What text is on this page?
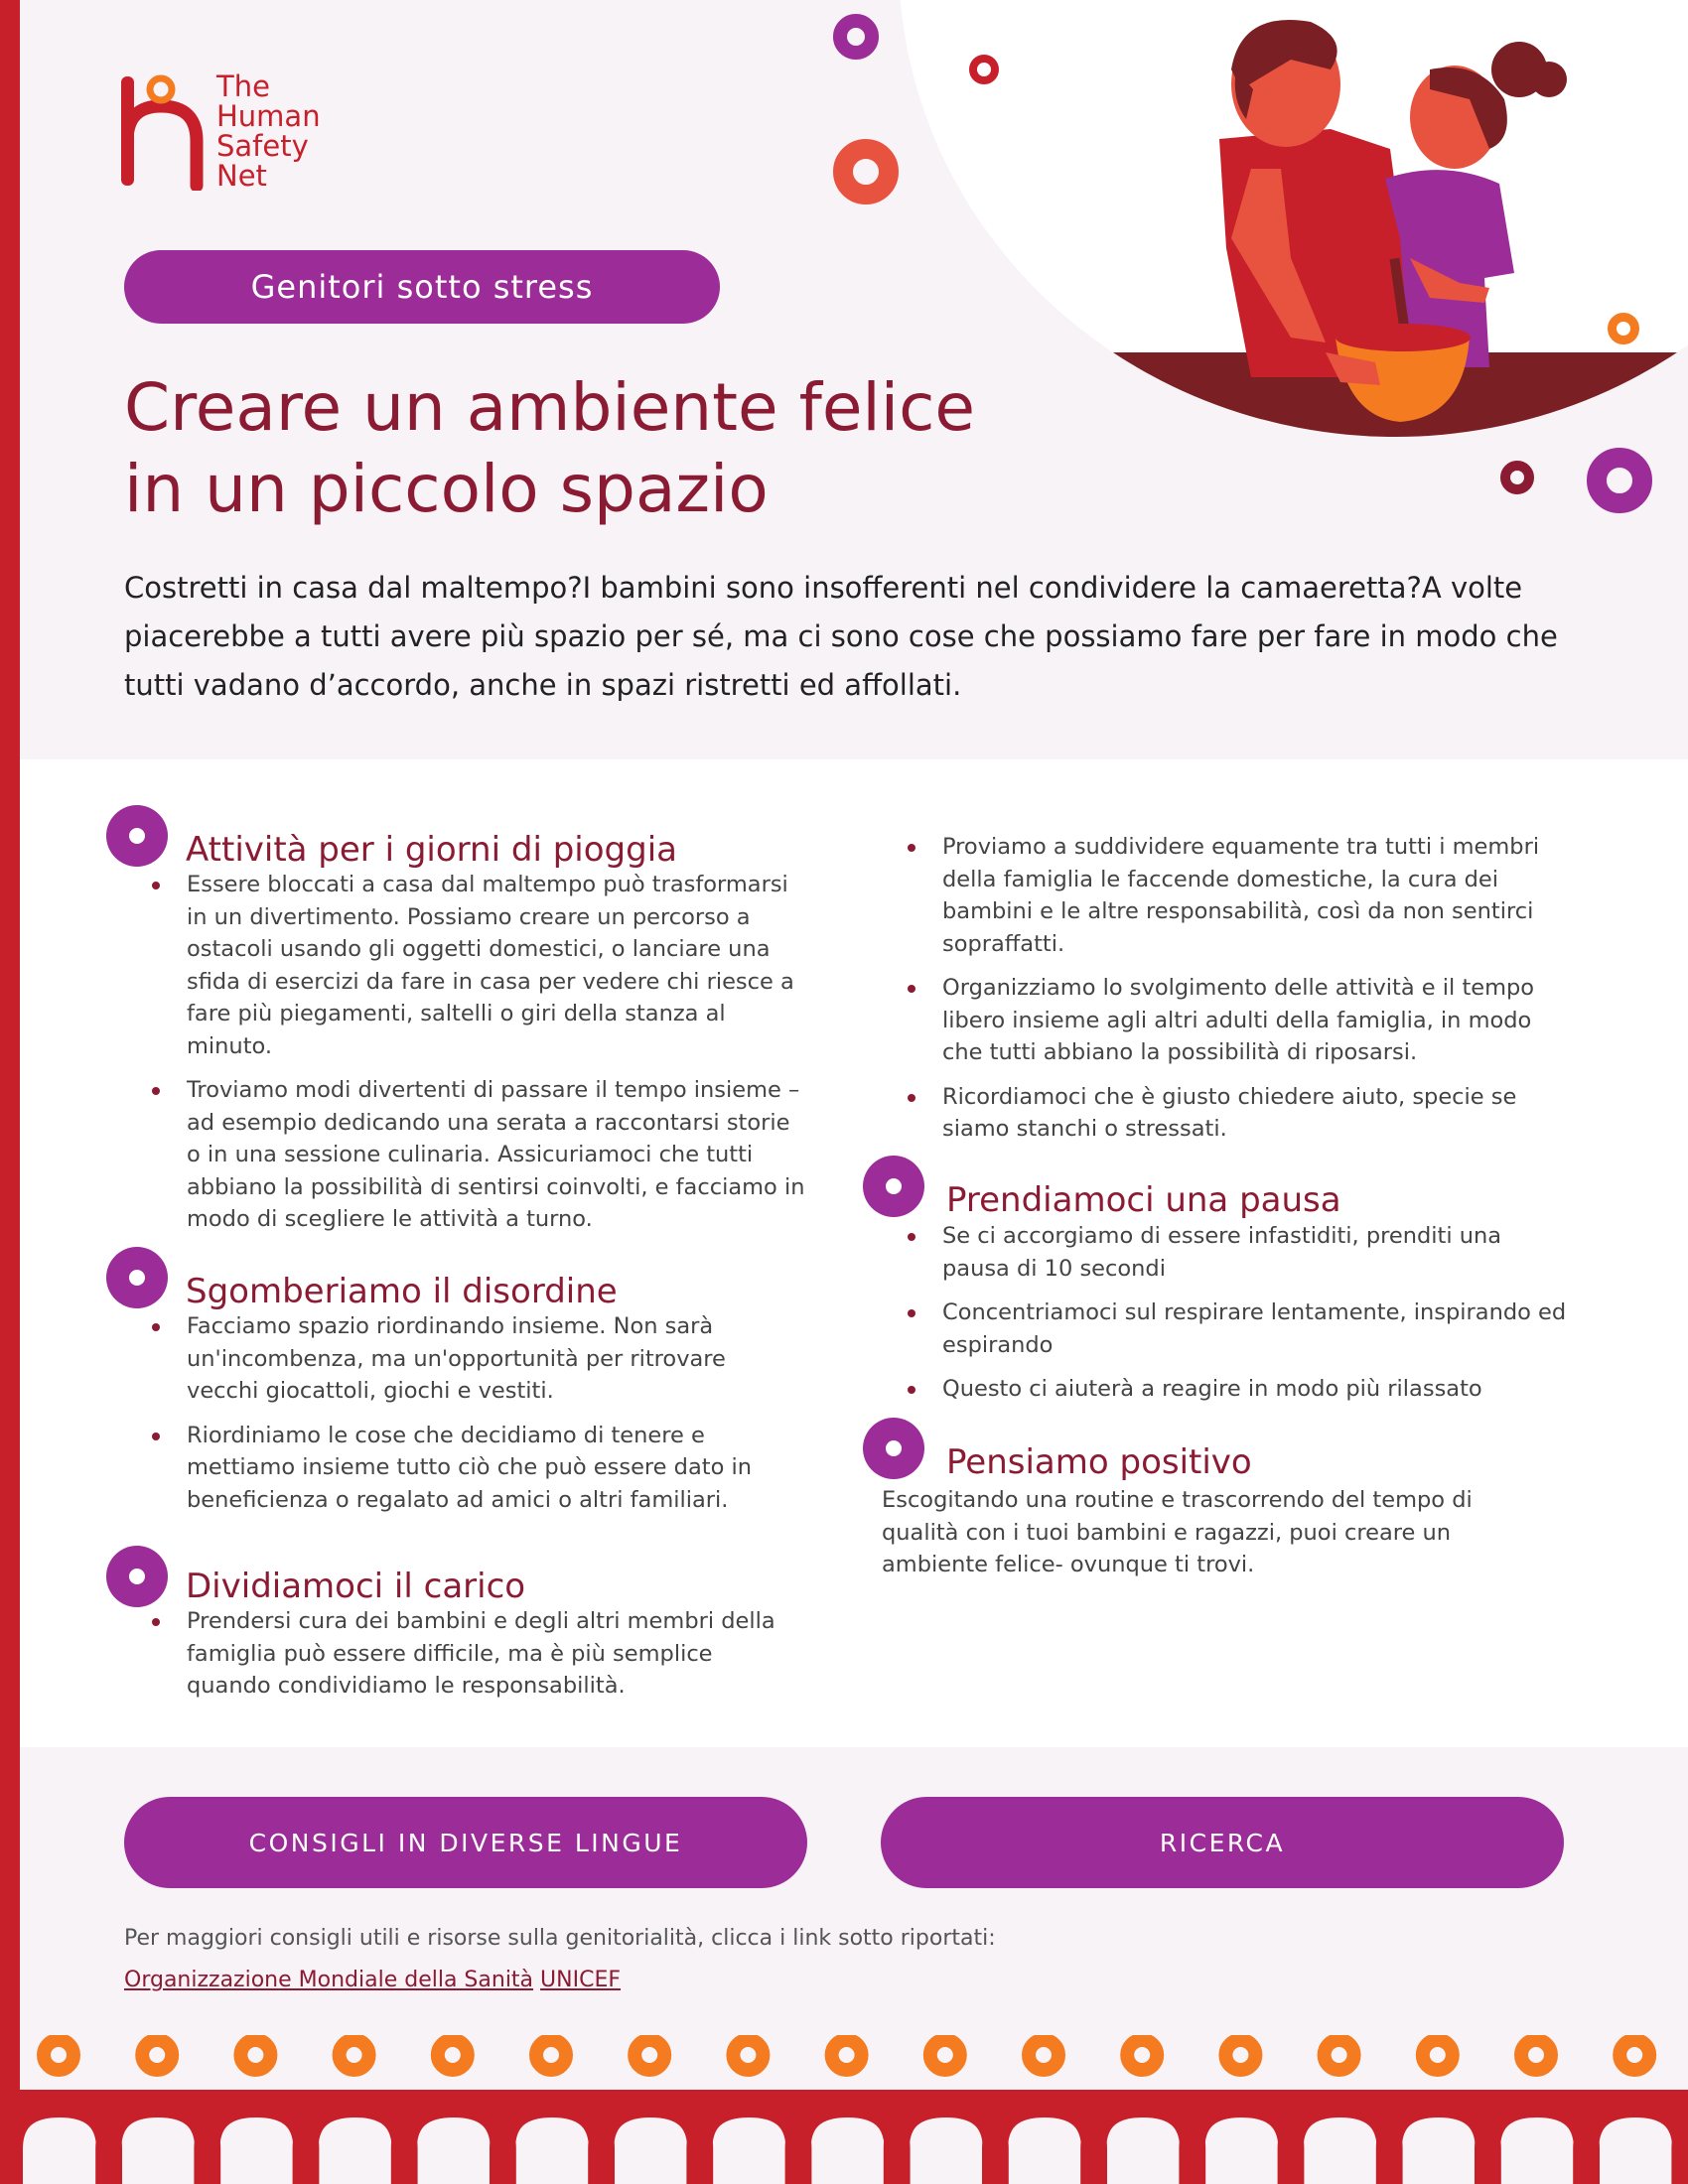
The
Human
Safety
Net
Genitori sotto stress
Creare un ambiente felice
in un piccolo spazio

Costretti in casa dal maltempo?I bambini sono insofferenti nel condividere la camaeretta?A volte piacerebbe a tutti avere più spazio per sé, ma ci sono cose che possiamo fare per fare in modo che tutti vadano d’accordo, anche in spazi ristretti ed affollati.

Attività per i giorni di pioggia
Essere bloccati a casa dal maltempo può trasformarsi in un divertimento. Possiamo creare un percorso a ostacoli usando gli oggetti domestici, o lanciare una sfida di esercizi da fare in casa per vedere chi riesce a fare più piegamenti, saltelli o giri della stanza al minuto.
Troviamo modi divertenti di passare il tempo insieme – ad esempio dedicando una serata a raccontarsi storie o in una sessione culinaria. Assicuriamoci che tutti abbiano la possibilità di sentirsi coinvolti, e facciamo in modo di scegliere le attività a turno.
Sgomberiamo il disordine
Facciamo spazio riordinando insieme. Non sarà un'incombenza, ma un'opportunità per ritrovare vecchi giocattoli, giochi e vestiti.
Riordiniamo le cose che decidiamo di tenere e mettiamo insieme tutto ciò che può essere dato in beneficienza o regalato ad amici o altri familiari.
Dividiamoci il carico
Prendersi cura dei bambini e degli altri membri della famiglia può essere difficile, ma è più semplice quando condividiamo le responsabilità.
Proviamo a suddividere equamente tra tutti i membri della famiglia le faccende domestiche, la cura dei bambini e le altre responsabilità, così da non sentirci sopraffatti.
Organizziamo lo svolgimento delle attività e il tempo libero insieme agli altri adulti della famiglia, in modo che tutti abbiano la possibilità di riposarsi.
Ricordiamoci che è giusto chiedere aiuto, specie se siamo stanchi o stressati.
Prendiamoci una pausa
Se ci accorgiamo di essere infastiditi, prenditi una pausa di 10 secondi
Concentriamoci sul respirare lentamente, inspirando ed espirando
Questo ci aiuterà a reagire in modo più rilassato
Pensiamo positivo

Escogitando una routine e trascorrendo del tempo di qualità con i tuoi bambini e ragazzi, puoi creare un ambiente felice- ovunque ti trovi.

CONSIGLI IN DIVERSE LINGUE	RICERCA

Per maggiori consigli utili e risorse sulla genitorialità, clicca i link sotto riportati:

Organizzazione Mondiale della Sanità UNICEF
